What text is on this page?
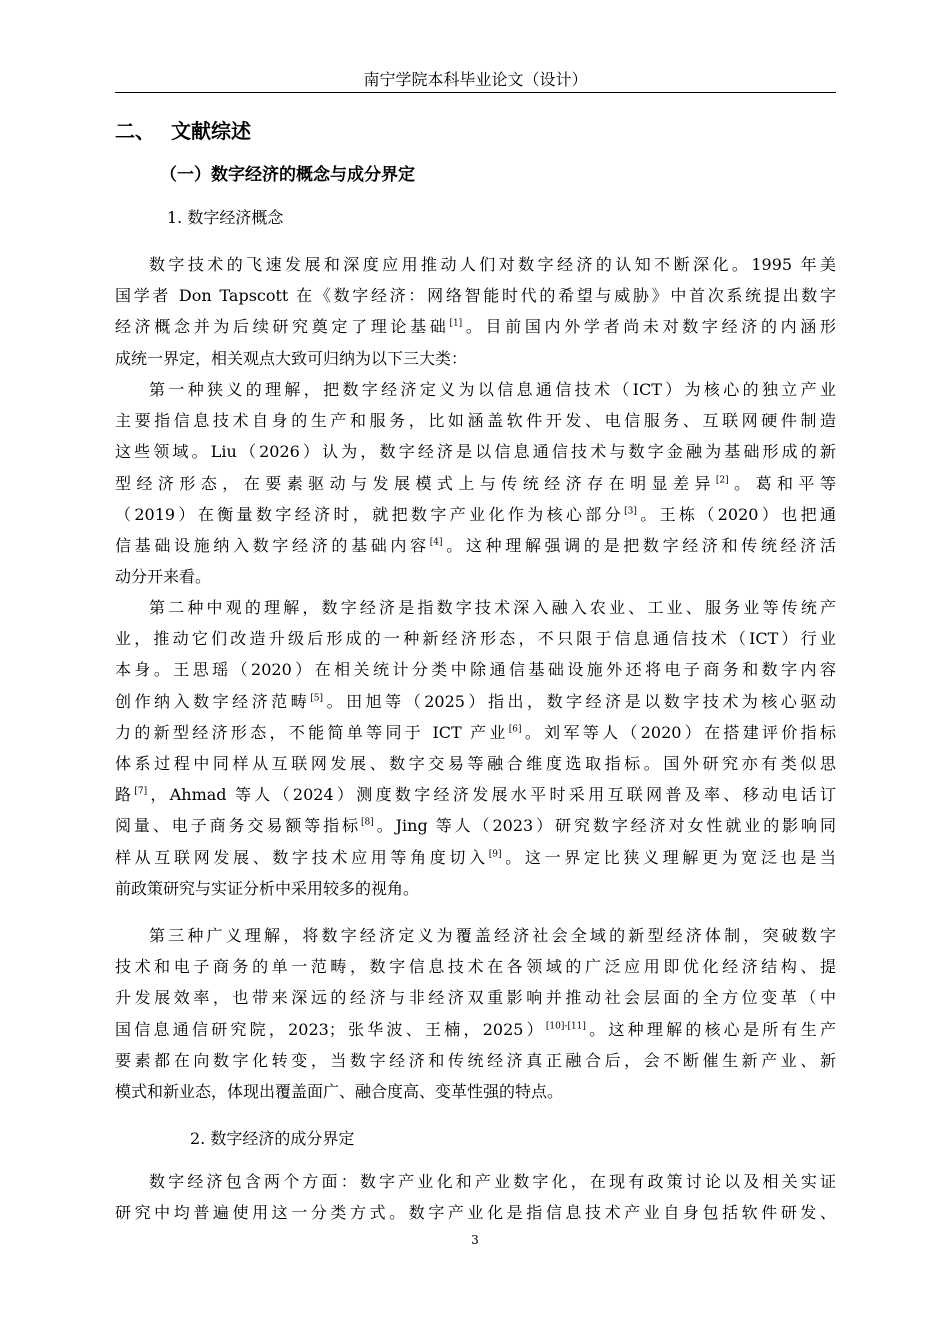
南宁学院本科毕业论文（设计）
二、 文献综述
（一）数字经济的概念与成分界定
1. 数字经济概念
数字技术的飞速发展和深度应用推动人们对数字经济的认知不断深化。1995 年美
国学者 Don Tapscott 在《数字经济：网络智能时代的希望与威胁》中首次系统提出数字
经济概念并为后续研究奠定了理论基础[1]。目前国内外学者尚未对数字经济的内涵形
成统一界定，相关观点大致可归纳为以下三大类：
第一种狭义的理解，把数字经济定义为以信息通信技术（ICT）为核心的独立产业
主要指信息技术自身的生产和服务，比如涵盖软件开发、电信服务、互联网硬件制造
这些领域。Liu（2026）认为，数字经济是以信息通信技术与数字金融为基础形成的新
型经济形态，在要素驱动与发展模式上与传统经济存在明显差异[2]。葛和平等
（2019）在衡量数字经济时，就把数字产业化作为核心部分[3]。王栋（2020）也把通
信基础设施纳入数字经济的基础内容[4]。这种理解强调的是把数字经济和传统经济活
动分开来看。
第二种中观的理解，数字经济是指数字技术深入融入农业、工业、服务业等传统产
业，推动它们改造升级后形成的一种新经济形态，不只限于信息通信技术（ICT）行业
本身。王思瑶（2020）在相关统计分类中除通信基础设施外还将电子商务和数字内容
创作纳入数字经济范畴[5]。田旭等（2025）指出，数字经济是以数字技术为核心驱动
力的新型经济形态，不能简单等同于 ICT 产业[6]。刘军等人（2020）在搭建评价指标
体系过程中同样从互联网发展、数字交易等融合维度选取指标。国外研究亦有类似思
路[7]，Ahmad 等人（2024）测度数字经济发展水平时采用互联网普及率、移动电话订
阅量、电子商务交易额等指标[8]。Jing 等人（2023）研究数字经济对女性就业的影响同
样从互联网发展、数字技术应用等角度切入[9]。这一界定比狭义理解更为宽泛也是当
前政策研究与实证分析中采用较多的视角。
第三种广义理解，将数字经济定义为覆盖经济社会全域的新型经济体制，突破数字
技术和电子商务的单一范畴，数字信息技术在各领域的广泛应用即优化经济结构、提
升发展效率，也带来深远的经济与非经济双重影响并推动社会层面的全方位变革（中
国信息通信研究院，2023；张华波、王楠，2025）[10]-[11]。这种理解的核心是所有生产
要素都在向数字化转变，当数字经济和传统经济真正融合后，会不断催生新产业、新
模式和新业态，体现出覆盖面广、融合度高、变革性强的特点。
2. 数字经济的成分界定
数字经济包含两个方面：数字产业化和产业数字化，在现有政策讨论以及相关实证
研究中均普遍使用这一分类方式。数字产业化是指信息技术产业自身包括软件研发、
3
